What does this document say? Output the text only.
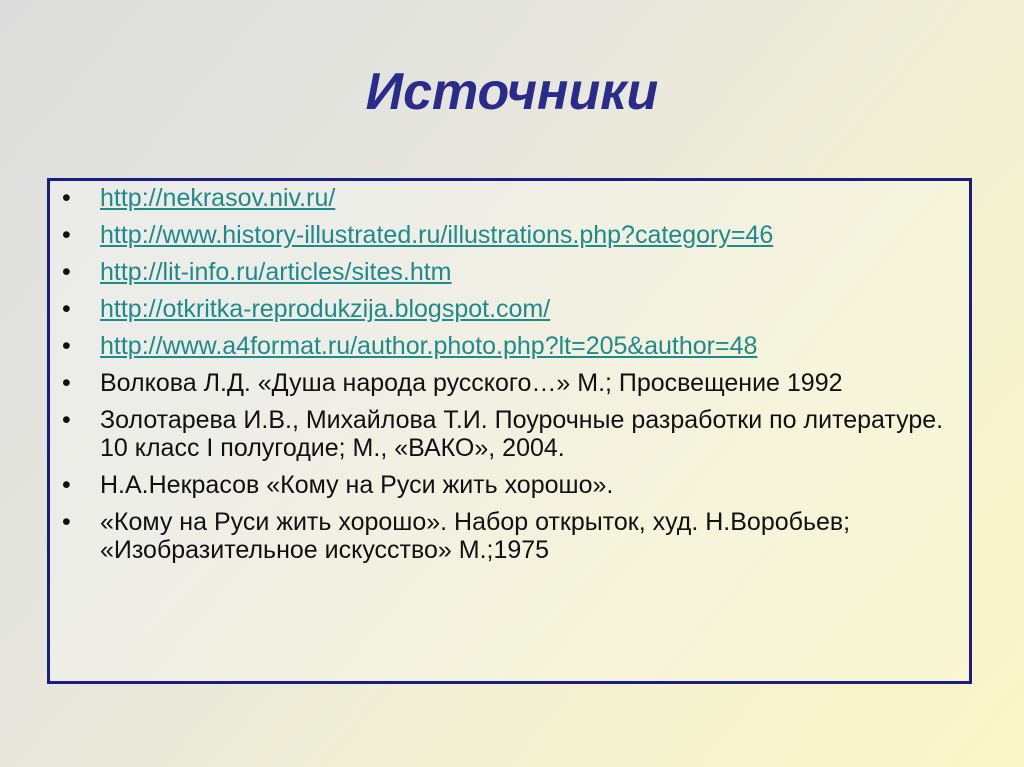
Источники
• http://nekrasov.niv.ru/
• http://www.history-illustrated.ru/illustrations.php?category=46
• http://lit-info.ru/articles/sites.htm
• http://otkritka-reprodukzija.blogspot.com/
• http://www.a4format.ru/author.photo.php?lt=205&author=48
• Волкова Л.Д. «Душа народа русского…» М.; Просвещение 1992
• Золотарева И.В., Михайлова Т.И. Поурочные разработки по литературе. 10 класс I полугодие; М., «ВАКО», 2004.
• Н.А.Некрасов «Кому на Руси жить хорошо».
• «Кому на Руси жить хорошо». Набор открыток, худ. Н.Воробьев; «Изобразительное искусство» М.;1975
